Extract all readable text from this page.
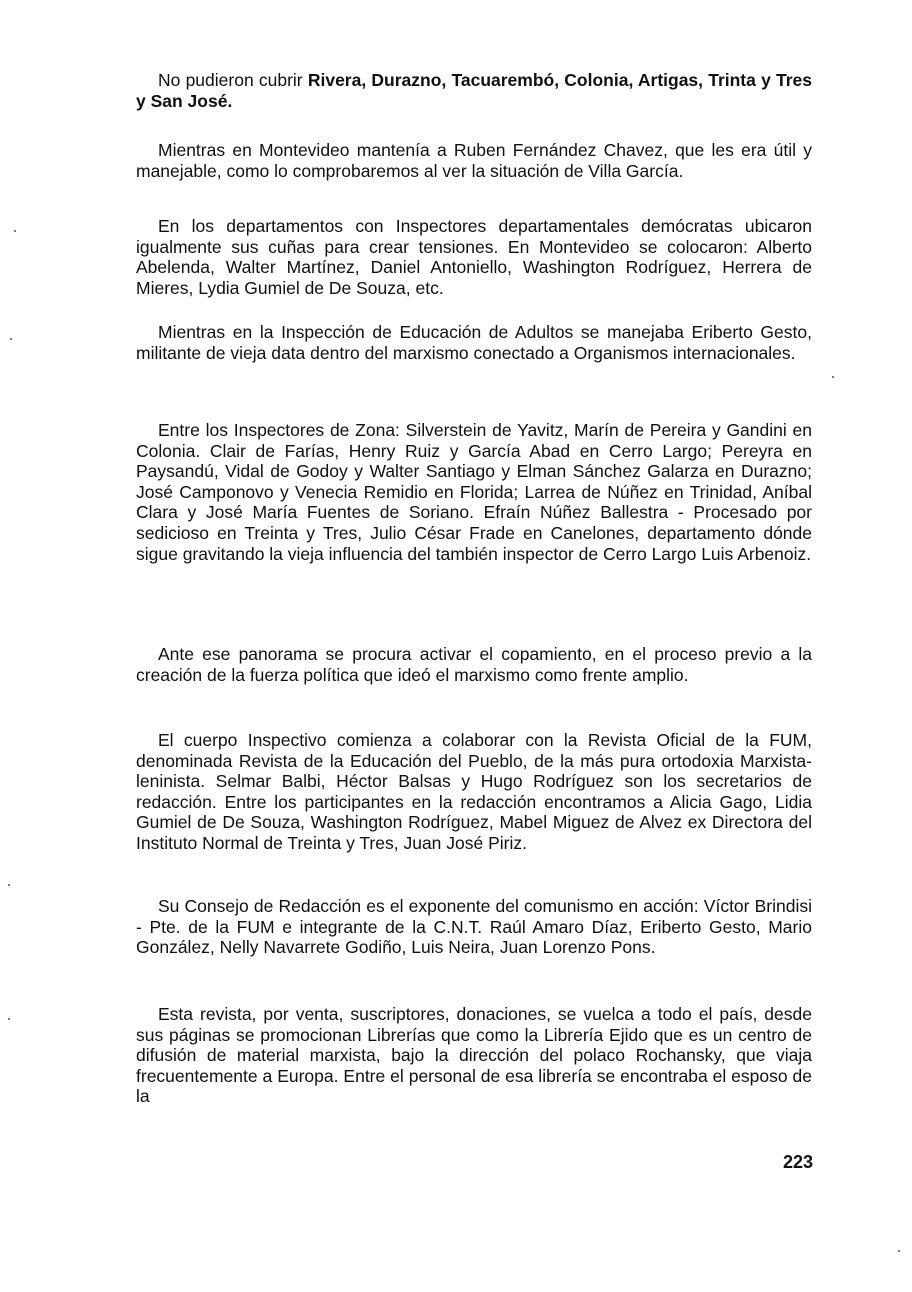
No pudieron cubrir Rivera, Durazno, Tacuarembó, Colonia, Artigas, Trinta y Tres y San José.

Mientras en Montevideo mantenía a Ruben Fernández Chavez, que les era útil y manejable, como lo comprobaremos al ver la situación de Villa García.

En los departamentos con Inspectores departamentales demócratas ubicaron igualmente sus cuñas para crear tensiones. En Montevideo se colocaron: Alberto Abelenda, Walter Martínez, Daniel Antoniello, Washington Rodríguez, Herrera de Mieres, Lydia Gumiel de De Souza, etc.

Mientras en la Inspección de Educación de Adultos se manejaba Eriberto Gesto, militante de vieja data dentro del marxismo conectado a Organismos internacionales.

Entre los Inspectores de Zona: Silverstein de Yavitz, Marín de Pereira y Gandini en Colonia. Clair de Farías, Henry Ruiz y García Abad en Cerro Largo; Pereyra en Paysandú, Vidal de Godoy y Walter Santiago y Elman Sánchez Galarza en Durazno; José Camponovo y Venecia Remidio en Florida; Larrea de Núñez en Trinidad, Aníbal Clara y José María Fuentes de Soriano. Efraín Núñez Ballestra - Procesado por sedicioso en Treinta y Tres, Julio César Frade en Canelones, departamento dónde sigue gravitando la vieja influencia del también inspector de Cerro Largo Luis Arbenoiz.

Ante ese panorama se procura activar el copamiento, en el proceso previo a la creación de la fuerza política que ideó el marxismo como frente amplio.

El cuerpo Inspectivo comienza a colaborar con la Revista Oficial de la FUM, denominada Revista de la Educación del Pueblo, de la más pura ortodoxia Marxista-leninista. Selmar Balbi, Héctor Balsas y Hugo Rodríguez son los secretarios de redacción. Entre los participantes en la redacción encontramos a Alicia Gago, Lidia Gumiel de De Souza, Washington Rodríguez, Mabel Miguez de Alvez ex Directora del Instituto Normal de Treinta y Tres, Juan José Piriz.

Su Consejo de Redacción es el exponente del comunismo en acción: Víctor Brindisi - Pte. de la FUM e integrante de la C.N.T. Raúl Amaro Díaz, Eriberto Gesto, Mario González, Nelly Navarrete Godiño, Luis Neira, Juan Lorenzo Pons.

Esta revista, por venta, suscriptores, donaciones, se vuelca a todo el país, desde sus páginas se promocionan Librerías que como la Librería Ejido que es un centro de difusión de material marxista, bajo la dirección del polaco Rochansky, que viaja frecuentemente a Europa. Entre el personal de esa librería se encontraba el esposo de la

223
